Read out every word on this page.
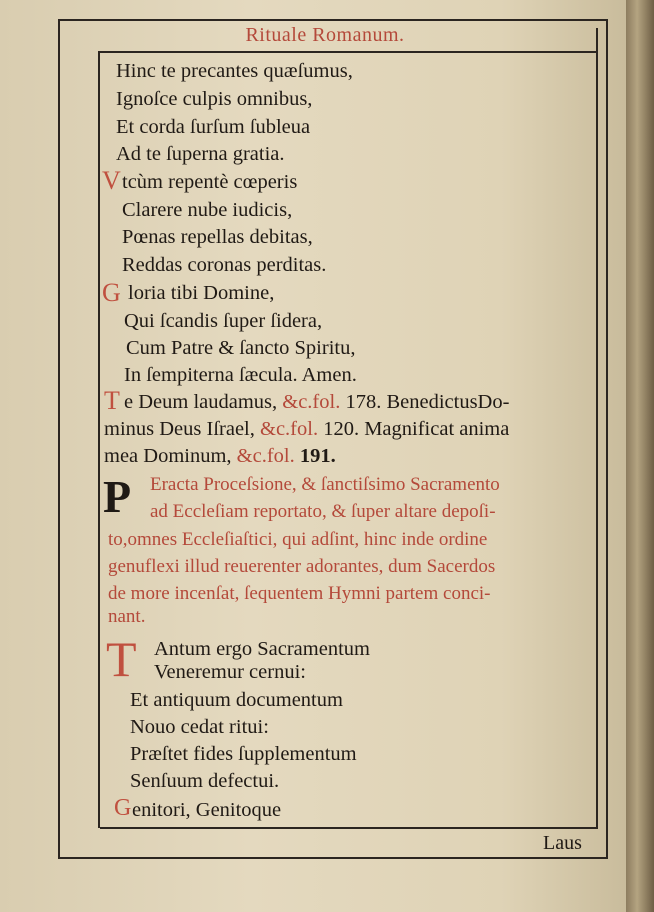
Rituale Romanum.
Hinc te precantes quæſumus,
Ignoſce culpis omnibus,
Et corda ſurſum ſubleua
Ad te ſuperna gratia.
V tcùm repentè cœperis
Clarere nube iudicis,
Pœnas repellas debitas,
Reddas coronas perditas.
G loria tibi Domine,
Qui ſcandis ſuper ſidera,
Cum Patre & ſancto Spiritu,
In ſempiterna ſæcula. Amen.
T e Deum laudamus, &c.fol. 178. BenedictusDo-
minus Deus Iſrael, &c.fol. 120. Magnificat anima
mea Dominum, &c.fol. 191.
P Eracta Proceſsione, & ſanctiſsimo Sacramento
ad Eccleſiam reportato, & ſuper altare depoſi-
to,omnes Eccleſiaſtici, qui adſint, hinc inde ordine
genuflexi illud reuerenter adorantes, dum Sacerdos
de more incenſat, ſequentem Hymni partem conci-
nant.
T Antum ergo Sacramentum
Veneremur cernui:
Et antiquum documentum
Nouo cedat ritui:
Præſtet fides ſupplementum
Senſuum defectui.
G enitori, Genitoque
Laus
